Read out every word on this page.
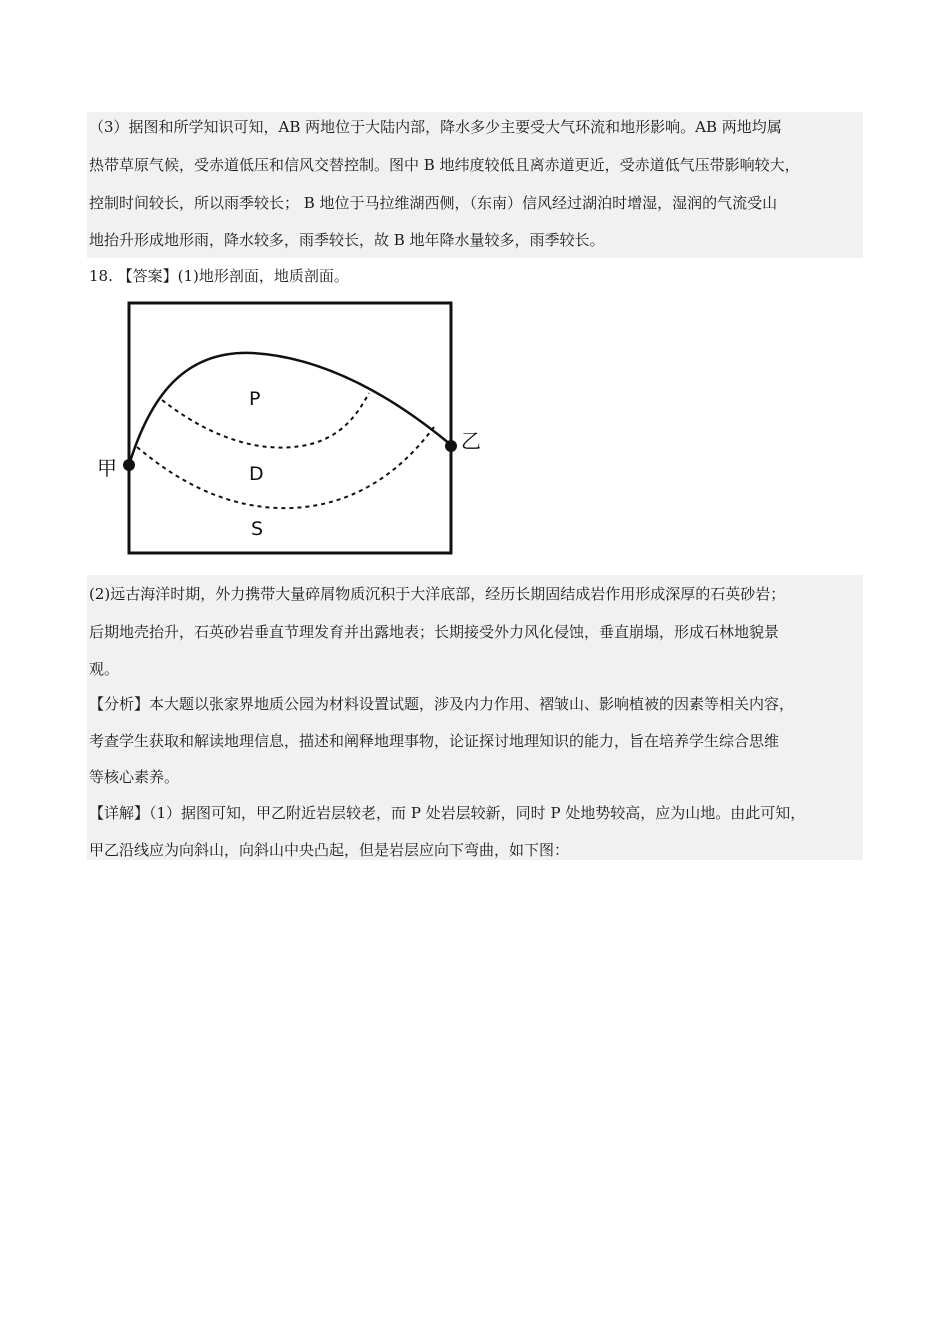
（3）据图和所学知识可知，AB 两地位于大陆内部，降水多少主要受大气环流和地形影响。AB 两地均属
热带草原气候，受赤道低压和信风交替控制。图中 B 地纬度较低且离赤道更近，受赤道低气压带影响较大，
控制时间较长，所以雨季较长； B 地位于马拉维湖西侧，（东南）信风经过湖泊时增湿，湿润的气流受山
地抬升形成地形雨，降水较多，雨季较长，故 B 地年降水量较多，雨季较长。
18. 【答案】(1)地形剖面，地质剖面。
甲
乙
P
D
S
(2)远古海洋时期，外力携带大量碎屑物质沉积于大洋底部，经历长期固结成岩作用形成深厚的石英砂岩；
后期地壳抬升，石英砂岩垂直节理发育并出露地表；长期接受外力风化侵蚀，垂直崩塌，形成石林地貌景
观。
【分析】本大题以张家界地质公园为材料设置试题，涉及内力作用、褶皱山、影响植被的因素等相关内容，
考查学生获取和解读地理信息，描述和阐释地理事物，论证探讨地理知识的能力，旨在培养学生综合思维
等核心素养。
【详解】（1）据图可知，甲乙附近岩层较老，而 P 处岩层较新，同时 P 处地势较高，应为山地。由此可知，
甲乙沿线应为向斜山，向斜山中央凸起，但是岩层应向下弯曲，如下图：
